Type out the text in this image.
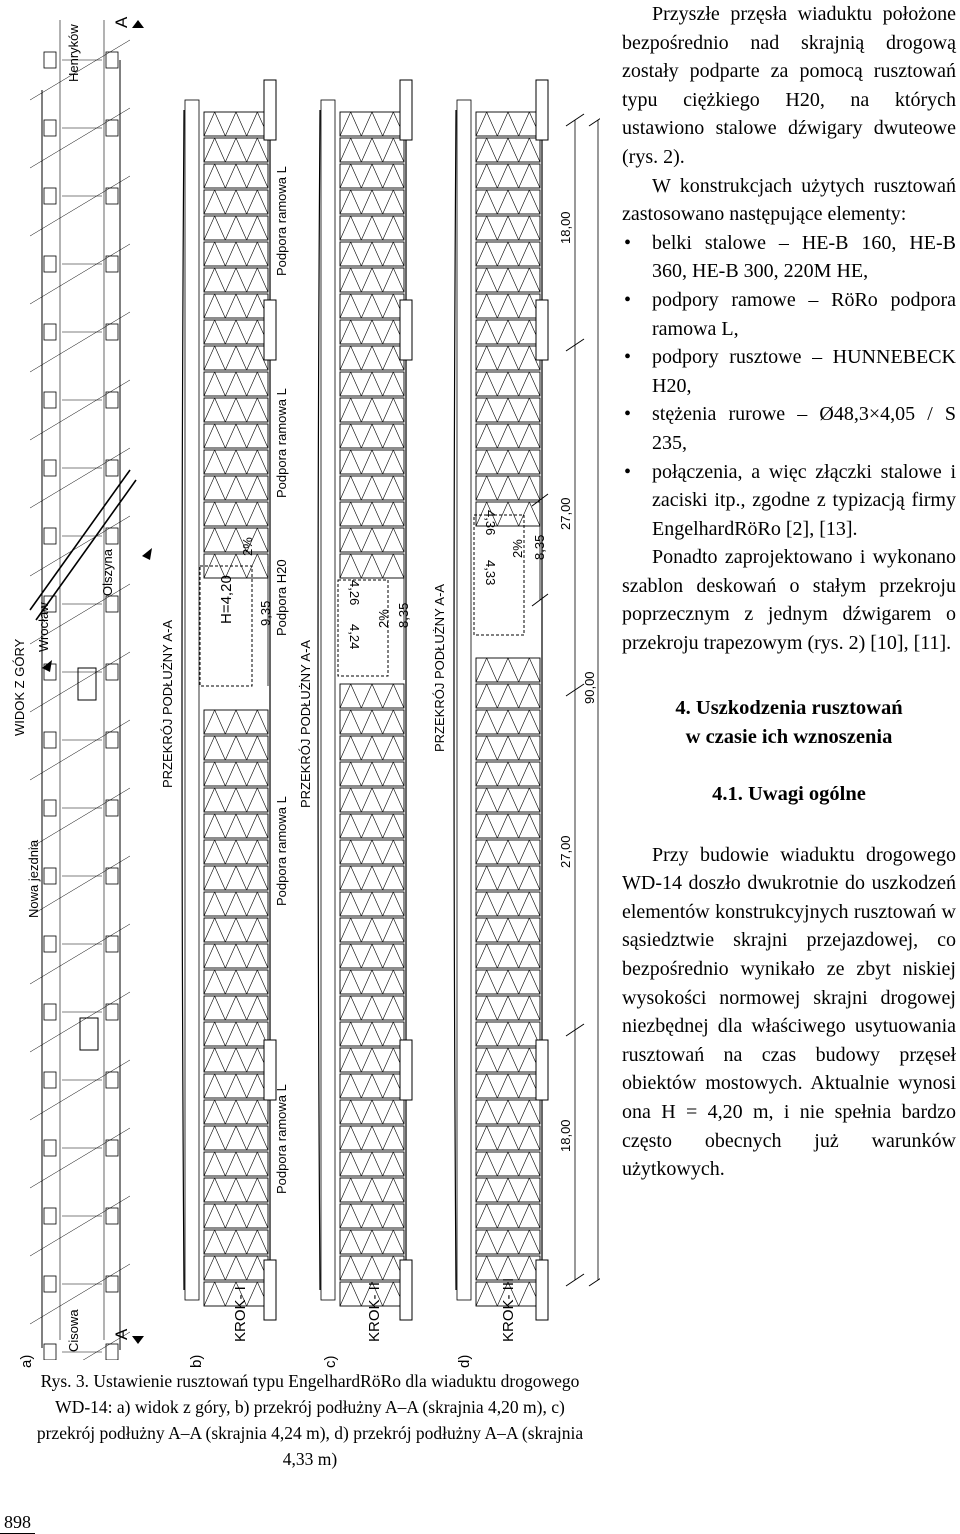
WIDOK Z GÓRY
Nowa jezdnia
Wrocław
Olszyna
Henryków
Cisowa
A
A
a)	b)	c)	d)
KROK- I	KROK- II	KROK- III
PRZEKRÓJ PODŁUŻNY A-A	PRZEKRÓJ PODŁUŻNY A-A	PRZEKRÓJ PODŁUŻNY A-A
Podpora ramowa L
Podpora ramowa L
Podpora H20
Podpora ramowa L
Podpora ramowa L
H=4,20
2%
9,35
4,24
4,26
2% 8,35
4,33
4,36
2% 8,35
18,00
27,00
27,00
18,00
90,00
Rys. 3. Ustawienie rusztowań typu EngelhardRöRo dla wiaduktu drogowego WD-14: a) widok z góry, b) przekrój podłużny A–A (skrajnia 4,20 m), c) przekrój podłużny A–A (skrajnia 4,24 m), d) przekrój podłużny A–A (skrajnia 4,33 m)

Przyszłe przęsła wiaduktu położone bezpośrednio nad skrajnią drogową zostały podparte za pomocą rusztowań typu ciężkiego H20, na których ustawiono stalowe dźwigary dwuteowe (rys. 2).

W konstrukcjach użytych rusztowań zastosowano następujące elementy:

• belki stalowe – HE-B 160, HE-B 360, HE-B 300, 220M HE,
• podpory ramowe – RöRo podpora ramowa L,
• podpory rusztowe – HUNNEBECK H20,
• stężenia rurowe – Ø48,3×4,05 / S 235,
• połączenia, a więc złączki stalowe i zaciski itp., zgodne z typizacją firmy EngelhardRöRo [2], [13].

Ponadto zaprojektowano i wykonano szablon deskowań o stałym przekroju poprzecznym z jednym dźwigarem o przekroju trapezowym (rys. 2) [10], [11].

4. Uszkodzenia rusztowań

w czasie ich wznoszenia

4.1. Uwagi ogólne

Przy budowie wiaduktu drogowego WD-14 doszło dwukrotnie do uszkodzeń elementów konstrukcyjnych rusztowań w sąsiedztwie skrajni przejazdowej, co bezpośrednio wynikało ze zbyt niskiej wysokości normowej skrajni drogowej niezbędnej dla właściwego usytuowania rusztowań na czas budowy przęseł obiektów mostowych. Aktualnie wynosi ona H = 4,20 m, i nie spełnia bardzo często obecnych już warunków użytkowych.

898
